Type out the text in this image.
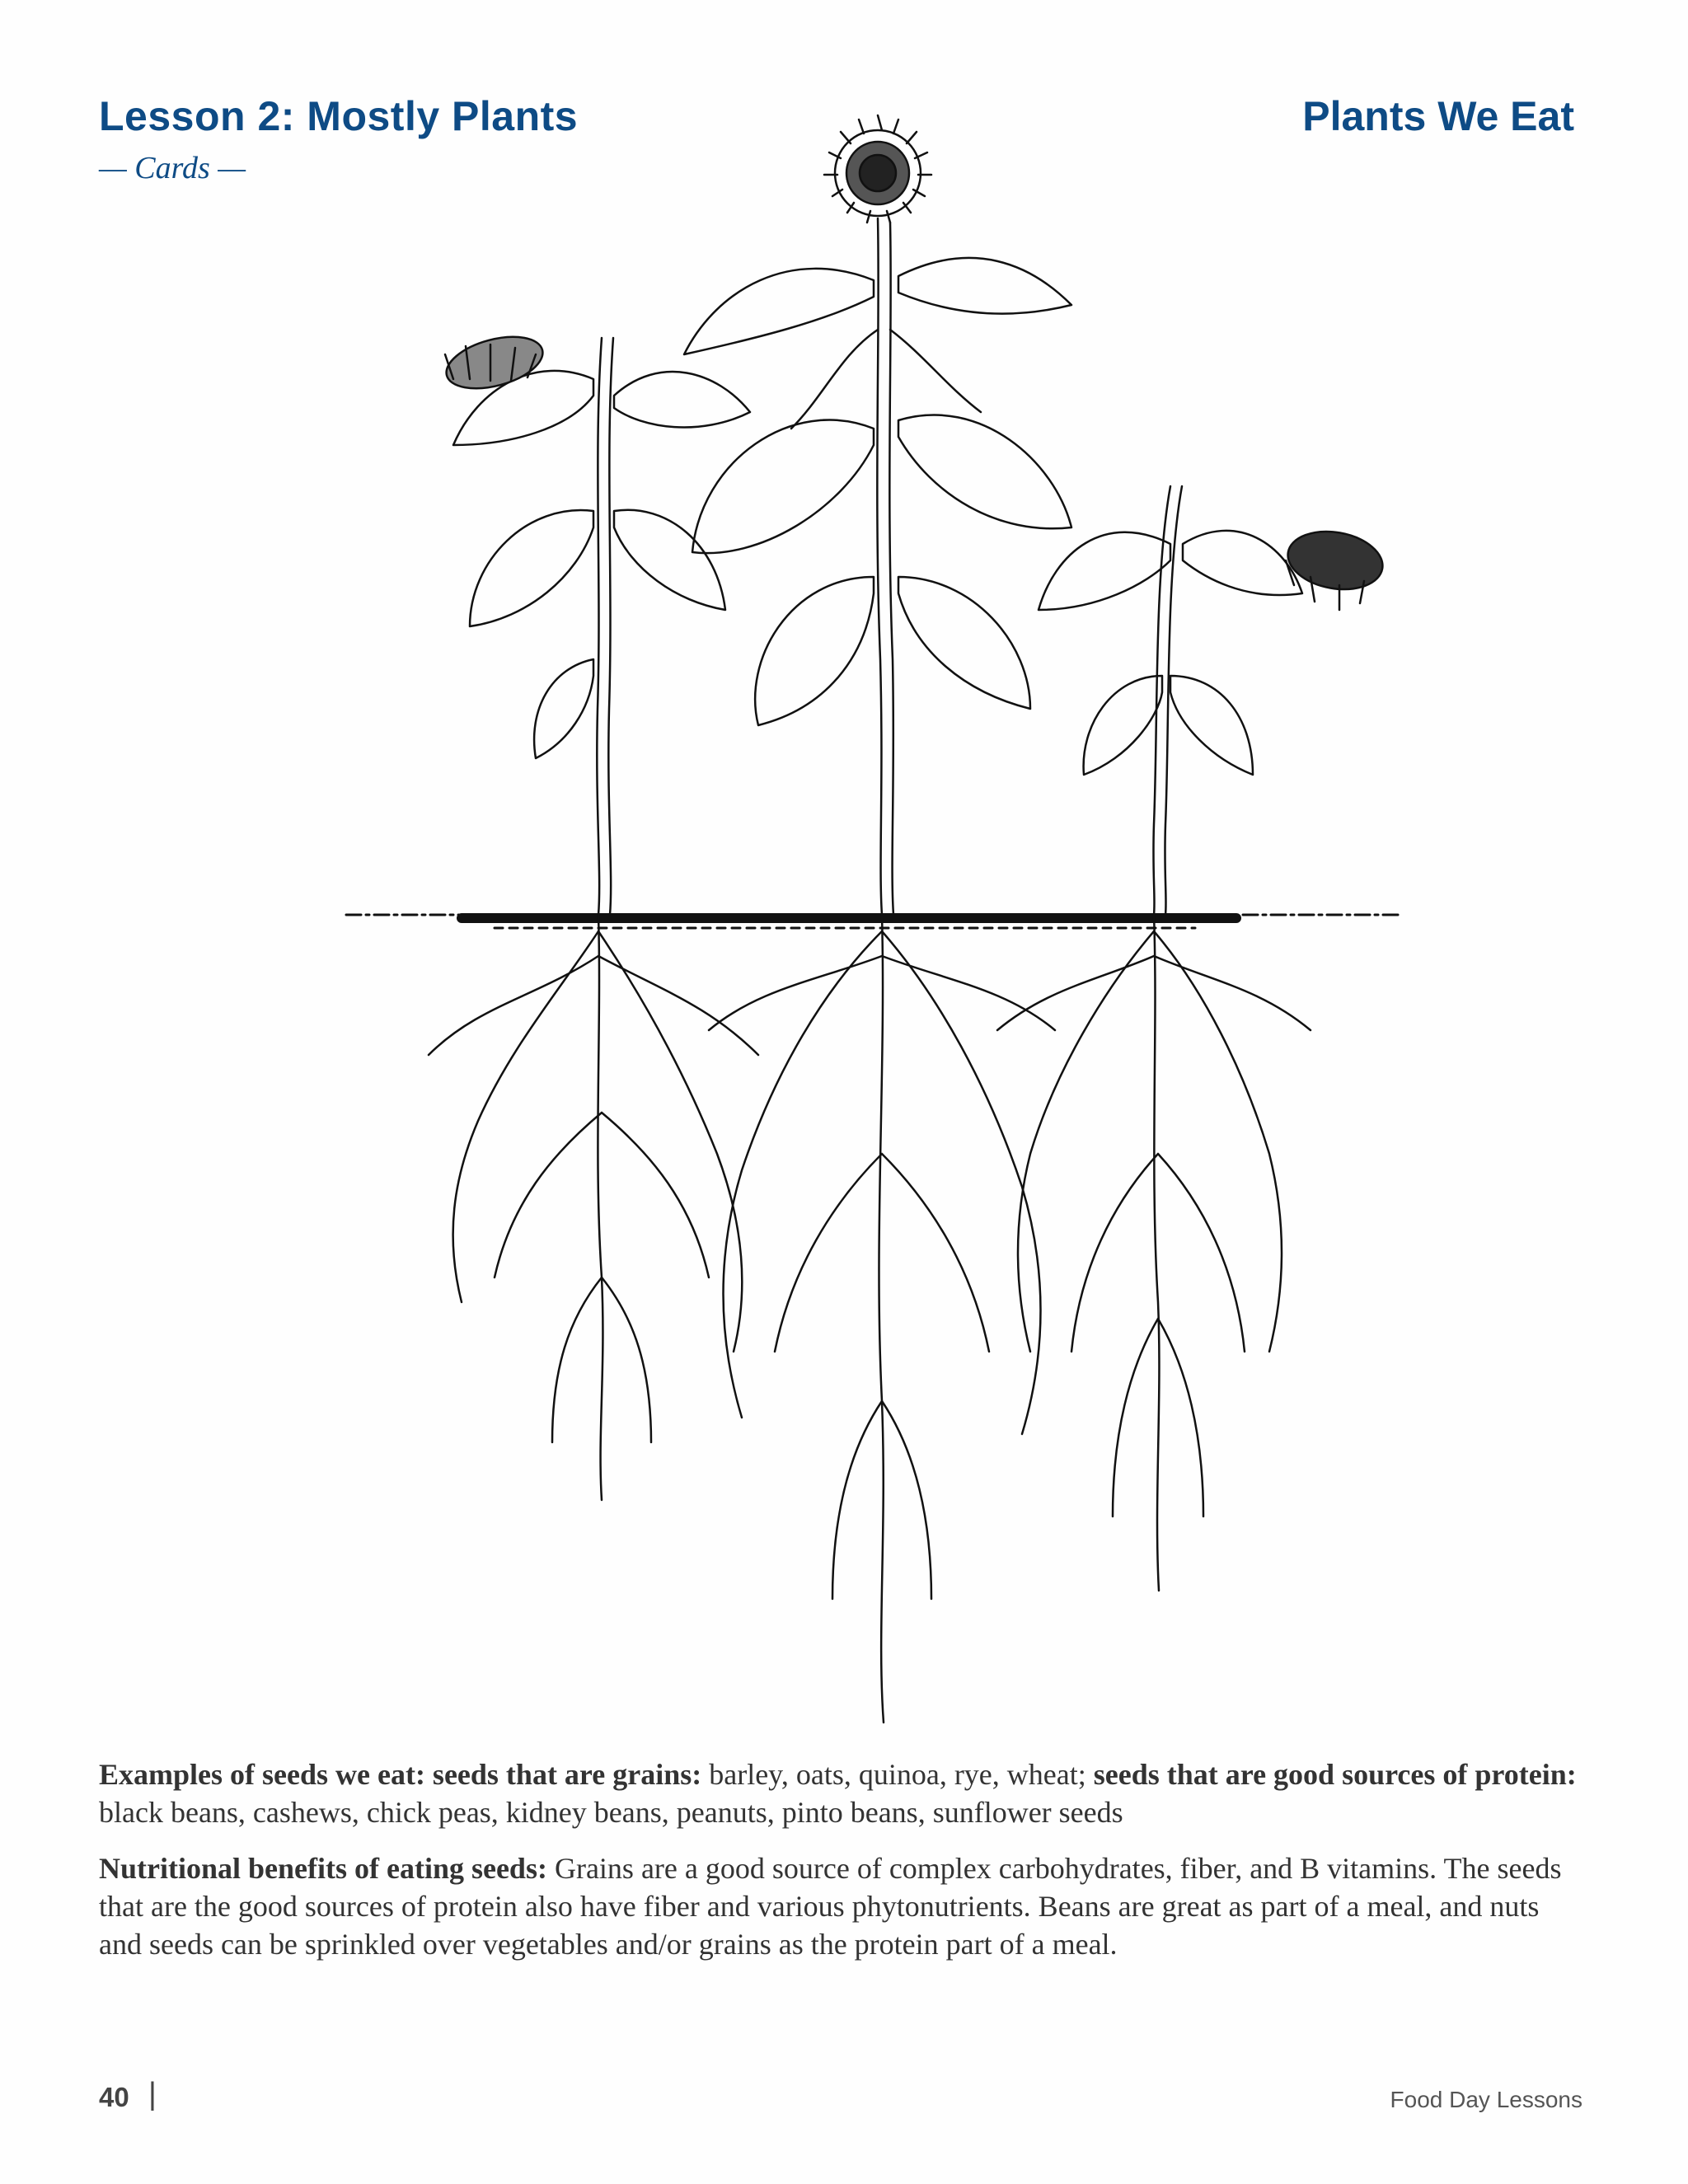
Lesson 2: Mostly Plants
— Cards —
Plants We Eat

Examples of seeds we eat: seeds that are grains: barley, oats, quinoa, rye, wheat; seeds that are good sources of protein: black beans, cashews, chick peas, kidney beans, peanuts, pinto beans, sunflower seeds

Nutritional benefits of eating seeds: Grains are a good source of complex carbohydrates, fiber, and B vitamins. The seeds that are the good sources of protein also have fiber and various phytonutrients. Beans are great as part of a meal, and nuts and seeds can be sprinkled over vegetables and/or grains as the protein part of a meal.

40 |	Food Day Lessons
